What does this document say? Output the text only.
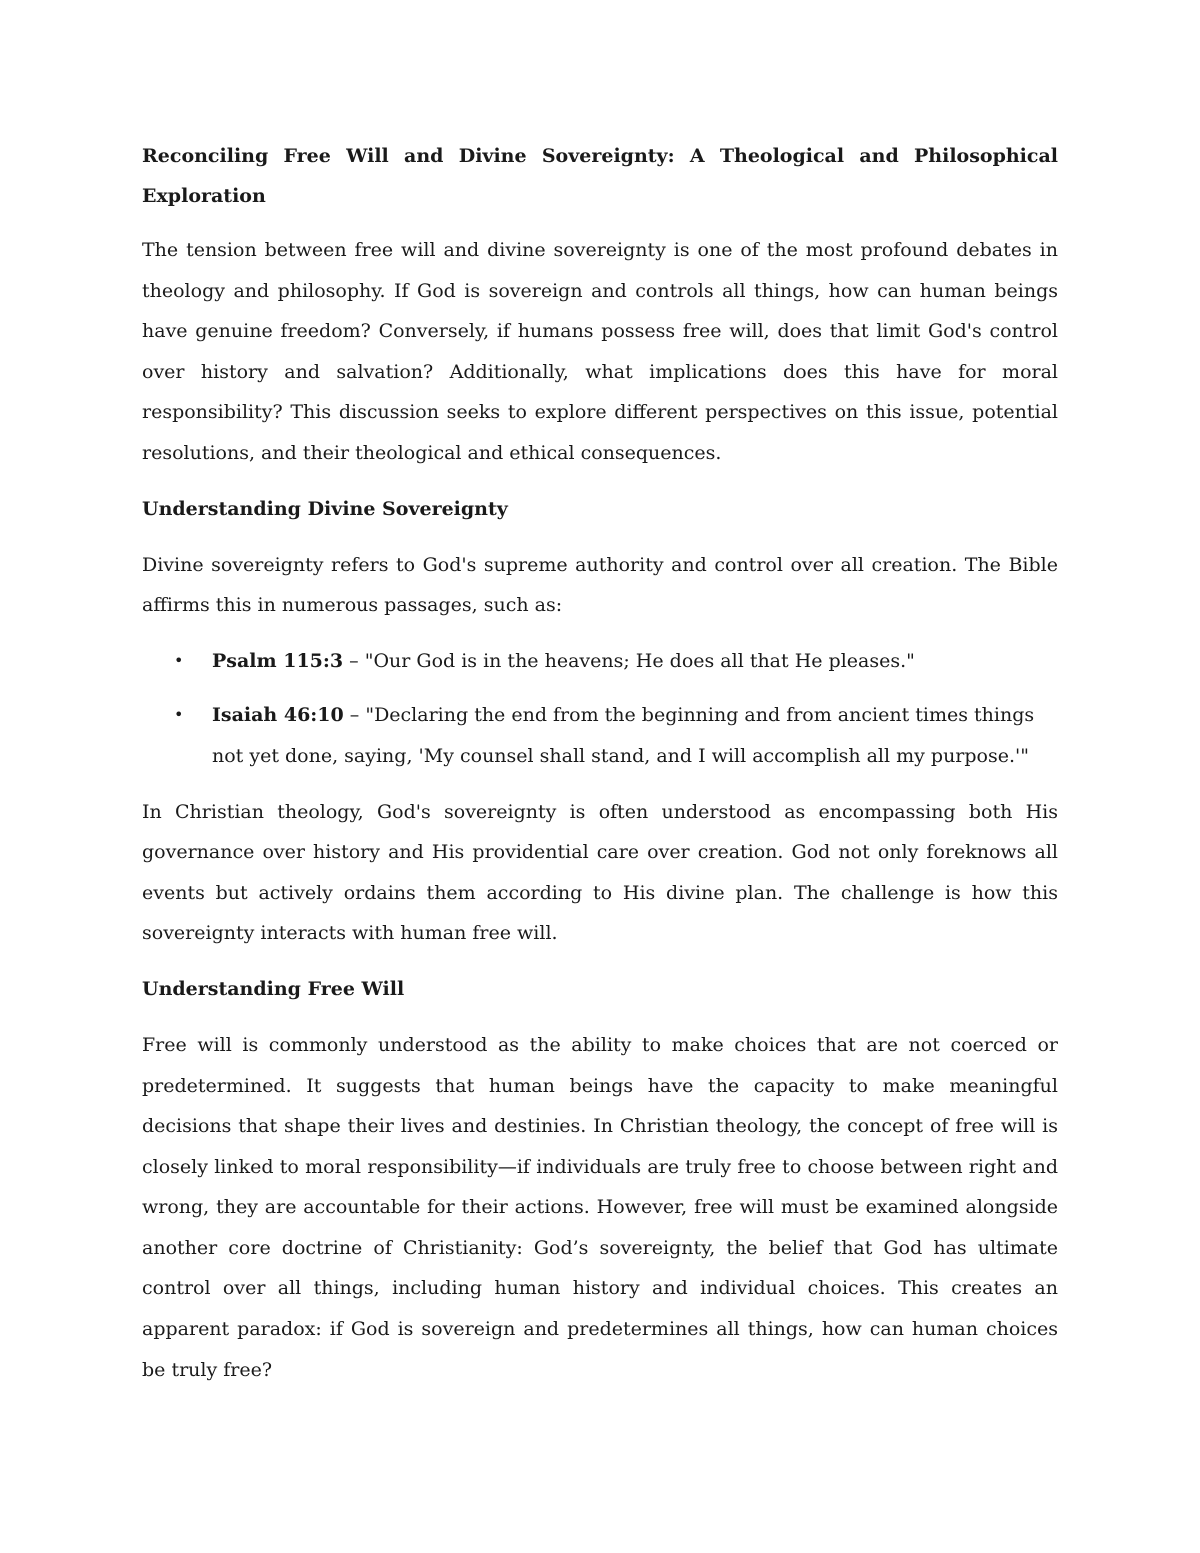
Reconciling Free Will and Divine Sovereignty: A Theological and Philosophical Exploration

The tension between free will and divine sovereignty is one of the most profound debates in theology and philosophy. If God is sovereign and controls all things, how can human beings have genuine freedom? Conversely, if humans possess free will, does that limit God's control over history and salvation? Additionally, what implications does this have for moral responsibility? This discussion seeks to explore different perspectives on this issue, potential resolutions, and their theological and ethical consequences.

Understanding Divine Sovereignty

Divine sovereignty refers to God's supreme authority and control over all creation. The Bible affirms this in numerous passages, such as:

• Psalm 115:3 – "Our God is in the heavens; He does all that He pleases."
• Isaiah 46:10 – "Declaring the end from the beginning and from ancient times things not yet done, saying, 'My counsel shall stand, and I will accomplish all my purpose.'"

In Christian theology, God's sovereignty is often understood as encompassing both His governance over history and His providential care over creation. God not only foreknows all events but actively ordains them according to His divine plan. The challenge is how this sovereignty interacts with human free will.

Understanding Free Will

Free will is commonly understood as the ability to make choices that are not coerced or predetermined. It suggests that human beings have the capacity to make meaningful decisions that shape their lives and destinies. In Christian theology, the concept of free will is closely linked to moral responsibility—if individuals are truly free to choose between right and wrong, they are accountable for their actions. However, free will must be examined alongside another core doctrine of Christianity: God’s sovereignty, the belief that God has ultimate control over all things, including human history and individual choices. This creates an apparent paradox: if God is sovereign and predetermines all things, how can human choices be truly free?
